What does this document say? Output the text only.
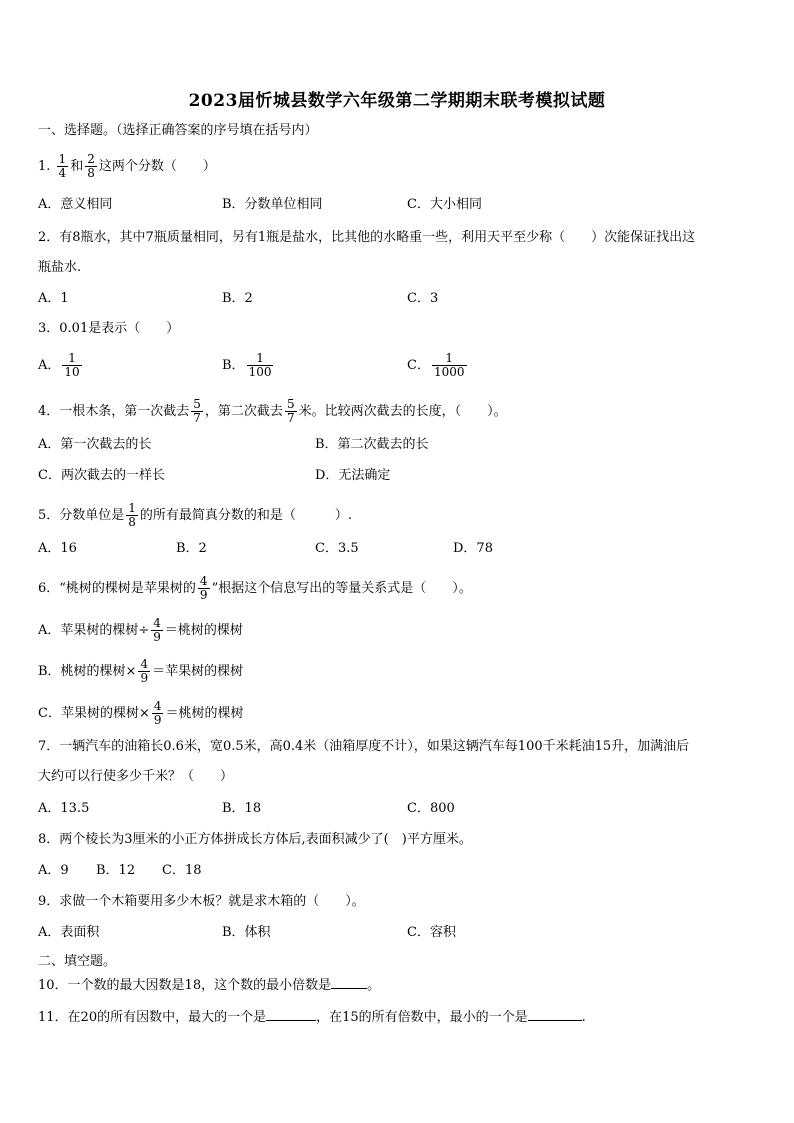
2023届忻城县数学六年级第二学期期末联考模拟试题
一、选择题。（选择正确答案的序号填在括号内）
1. $\frac{1}{4}$ 和 $\frac{2}{8}$ 这两个分数（　　）
A．意义相同	B．分数单位相同	C．大小相同
2．有8瓶水，其中7瓶质量相同，另有1瓶是盐水，比其他的水略重一些，利用天平至少称（　　）次能保证找出这
瓶盐水.
A．1	B．2	C．3
3．0.01是表示（　　）
A． $\frac{1}{10}$	B． $\frac{1}{100}$	C． $\frac{1}{1000}$
4．一根木条，第一次截去 $\frac{5}{7}$ ，第二次截去 $\frac{5}{7}$ 米。比较两次截去的长度，（　　）。
A．第一次截去的长	B．第二次截去的长
C．两次截去的一样长	D．无法确定
5．分数单位是 $\frac{1}{8}$ 的所有最简真分数的和是（　　　）.
A．16	B．2	C．3.5	D．78
6．“桃树的棵树是苹果树的 $\frac{4}{9}$ ”根据这个信息写出的等量关系式是（　　）。
A．苹果树的棵树÷ $\frac{4}{9}$ ＝桃树的棵树
B．桃树的棵树× $\frac{4}{9}$ ＝苹果树的棵树
C．苹果树的棵树× $\frac{4}{9}$ ＝桃树的棵树
7．一辆汽车的油箱长0.6米，宽0.5米，高0.4米（油箱厚度不计），如果这辆汽车每100千米耗油15升，加满油后
大约可以行使多少千米？（　　）
A．13.5	B．18	C．800
8．两个棱长为3厘米的小正方体拼成长方体后,表面积减少了(　)平方厘米。
A．9 B．12 C．18
9．求做一个木箱要用多少木板？就是求木箱的（　　）。
A．表面积	B．体积	C．容积
二、填空题。
10．一个数的最大因数是18，这个数的最小倍数是	。
11．在20的所有因数中，最大的一个是	，在15的所有倍数中，最小的一个是	.
